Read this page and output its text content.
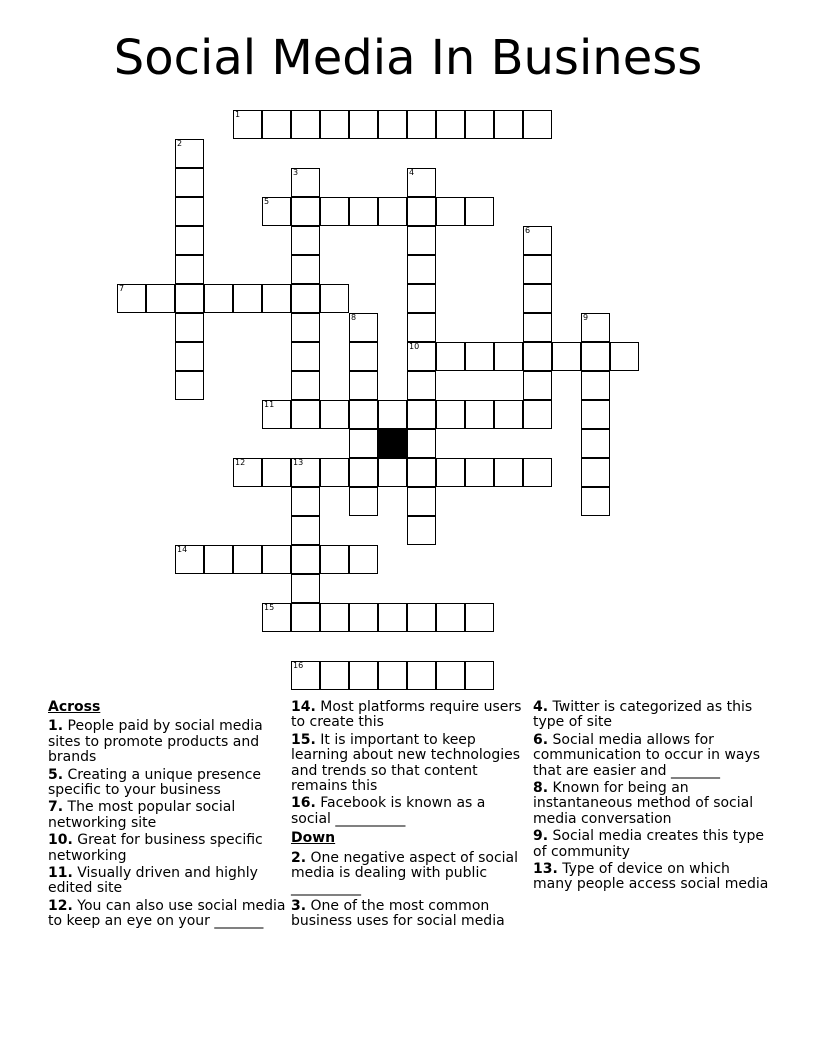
Social Media In Business
1
2
3	4
5
6
7
8	9
10
11
12	13
14
15
16
Across
1. People paid by social media sites to promote products and brands
5. Creating a unique presence specific to your business
7. The most popular social networking site
10. Great for business specific networking
11. Visually driven and highly edited site
12. You can also use social media to keep an eye on your _______
14. Most platforms require users to create this
15. It is important to keep learning about new technologies and trends so that content remains this
16. Facebook is known as a social __________
Down
2. One negative aspect of social media is dealing with public __________
3. One of the most common business uses for social media
4. Twitter is categorized as this type of site
6. Social media allows for communication to occur in ways that are easier and _______
8. Known for being an instantaneous method of social media conversation
9. Social media creates this type of community
13. Type of device on which many people access social media
